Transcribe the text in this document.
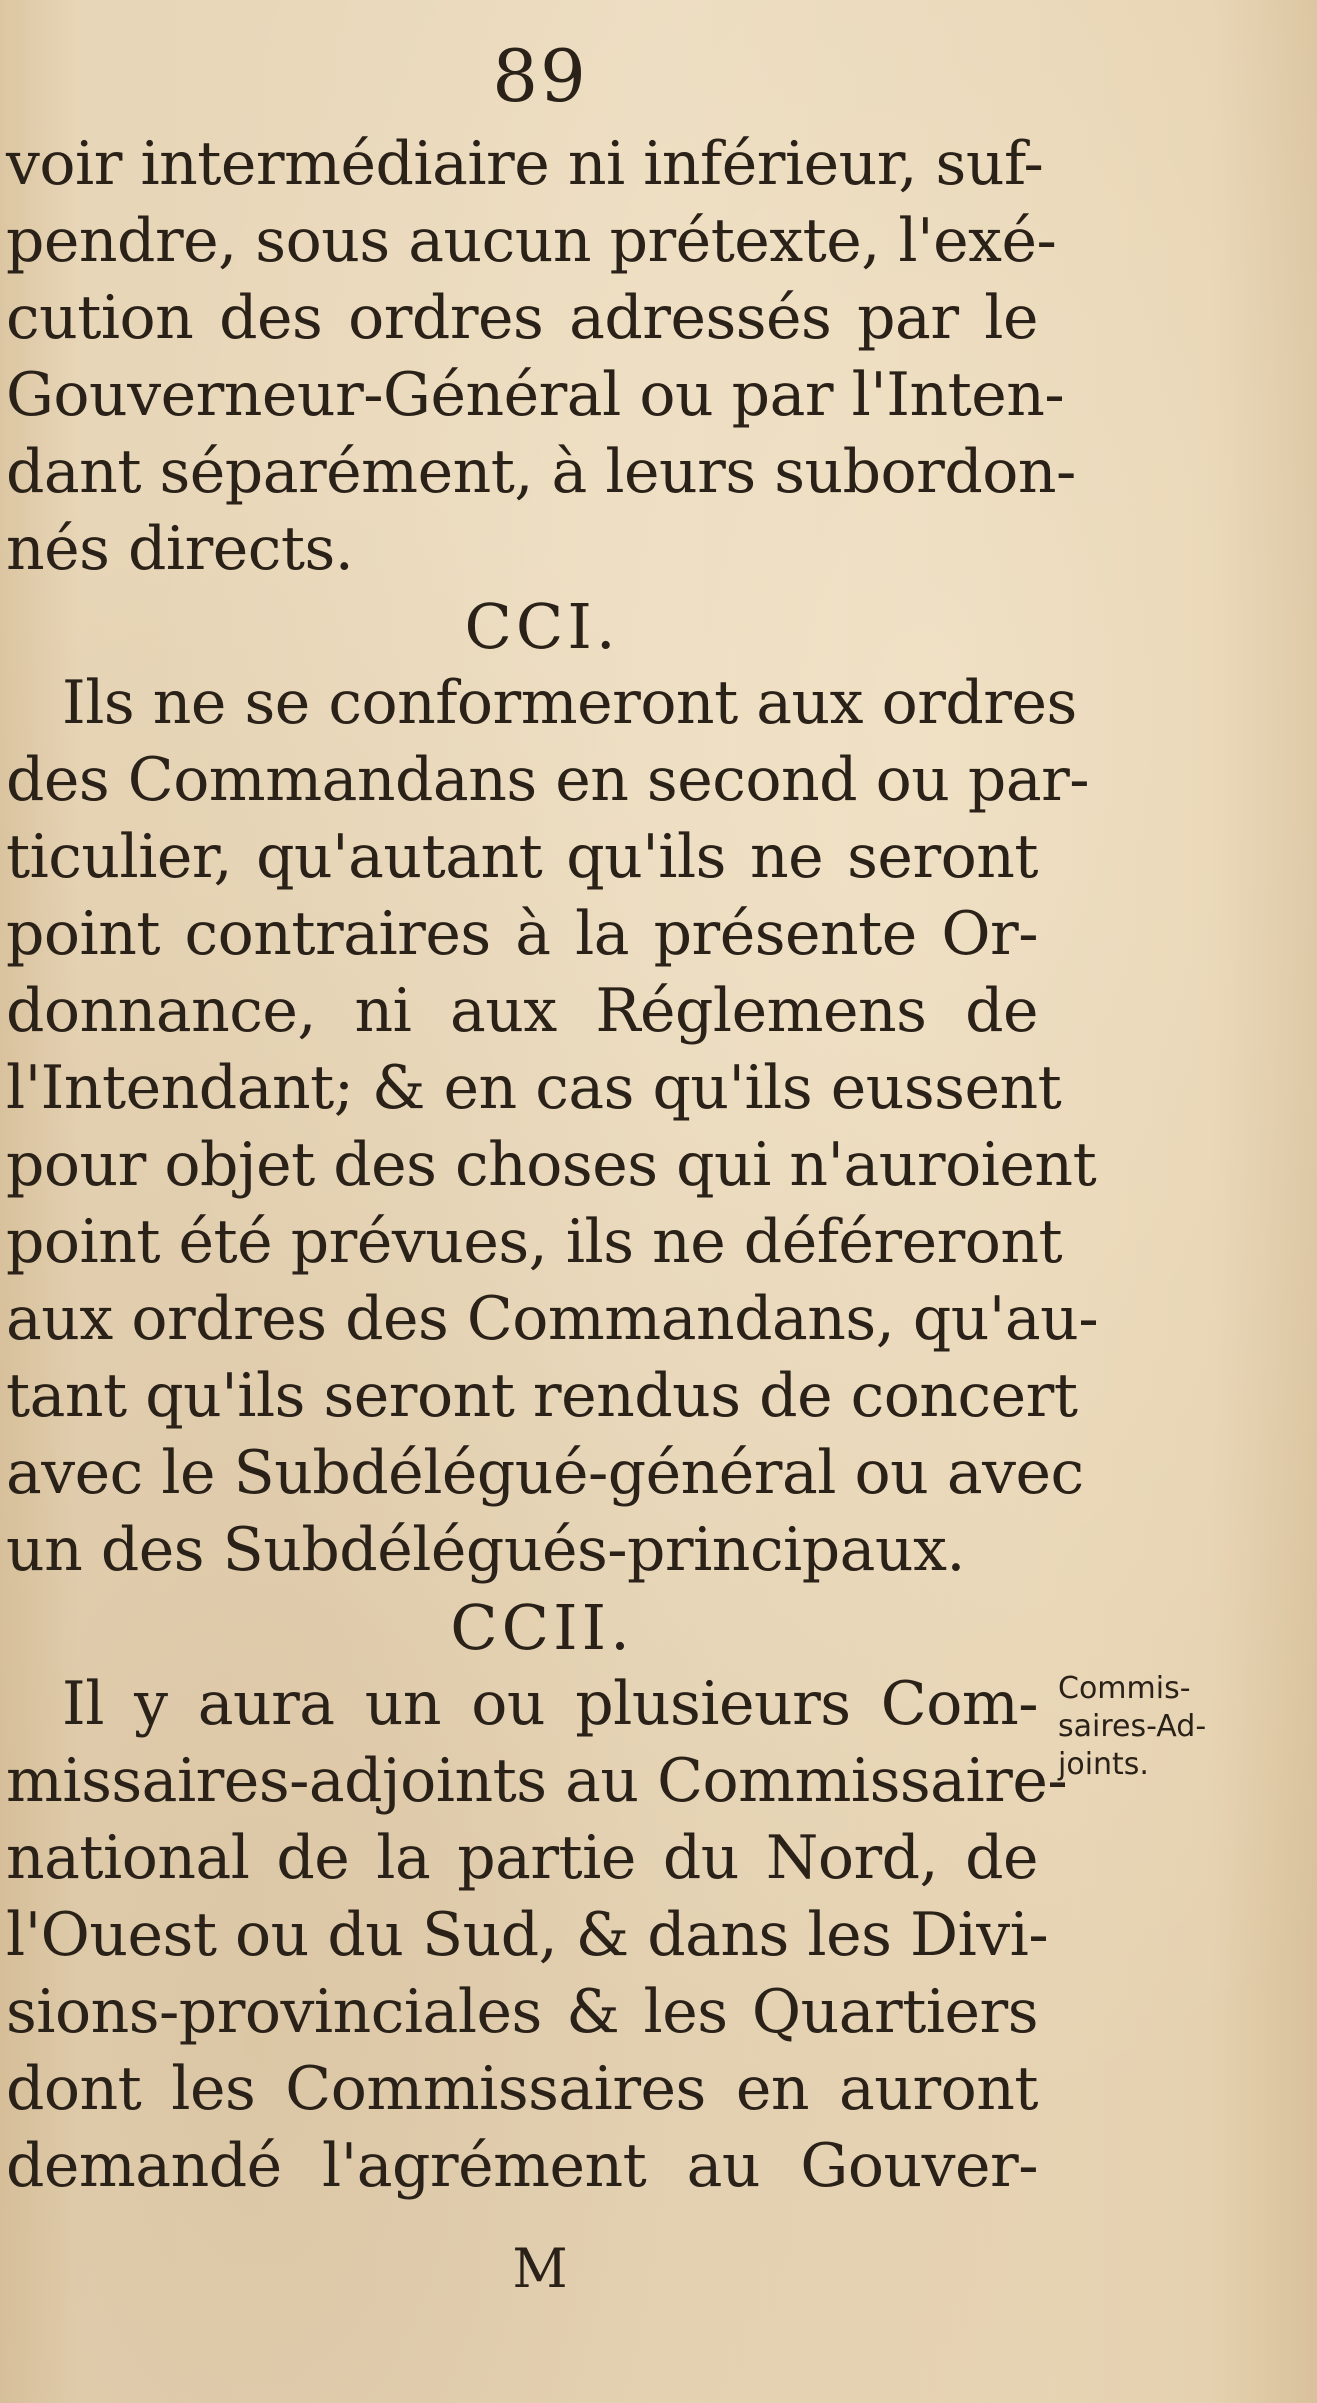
89
voir intermédiaire ni inférieur, suf-
pendre, sous aucun prétexte, l'exé-
cution des ordres adressés par le
Gouverneur-Général ou par l'Inten-
dant séparément, à leurs subordon-
nés directs.
CCI.
Ils ne se conformeront aux ordres
des Commandans en second ou par-
ticulier, qu'autant qu'ils ne seront
point contraires à la présente Or-
donnance, ni aux Réglemens de
l'Intendant; & en cas qu'ils eussent
pour objet des choses qui n'auroient
point été prévues, ils ne déféreront
aux ordres des Commandans, qu'au-
tant qu'ils seront rendus de concert
avec le Subdélégué-général ou avec
un des Subdélégués-principaux.
CCII.
Il y aura un ou plusieurs Com-
missaires-adjoints au Commissaire-
national de la partie du Nord, de
l'Ouest ou du Sud, & dans les Divi-
sions-provinciales & les Quartiers
dont les Commissaires en auront
demandé l'agrément au Gouver-
Commis-
saires-Ad-
joints.
M
